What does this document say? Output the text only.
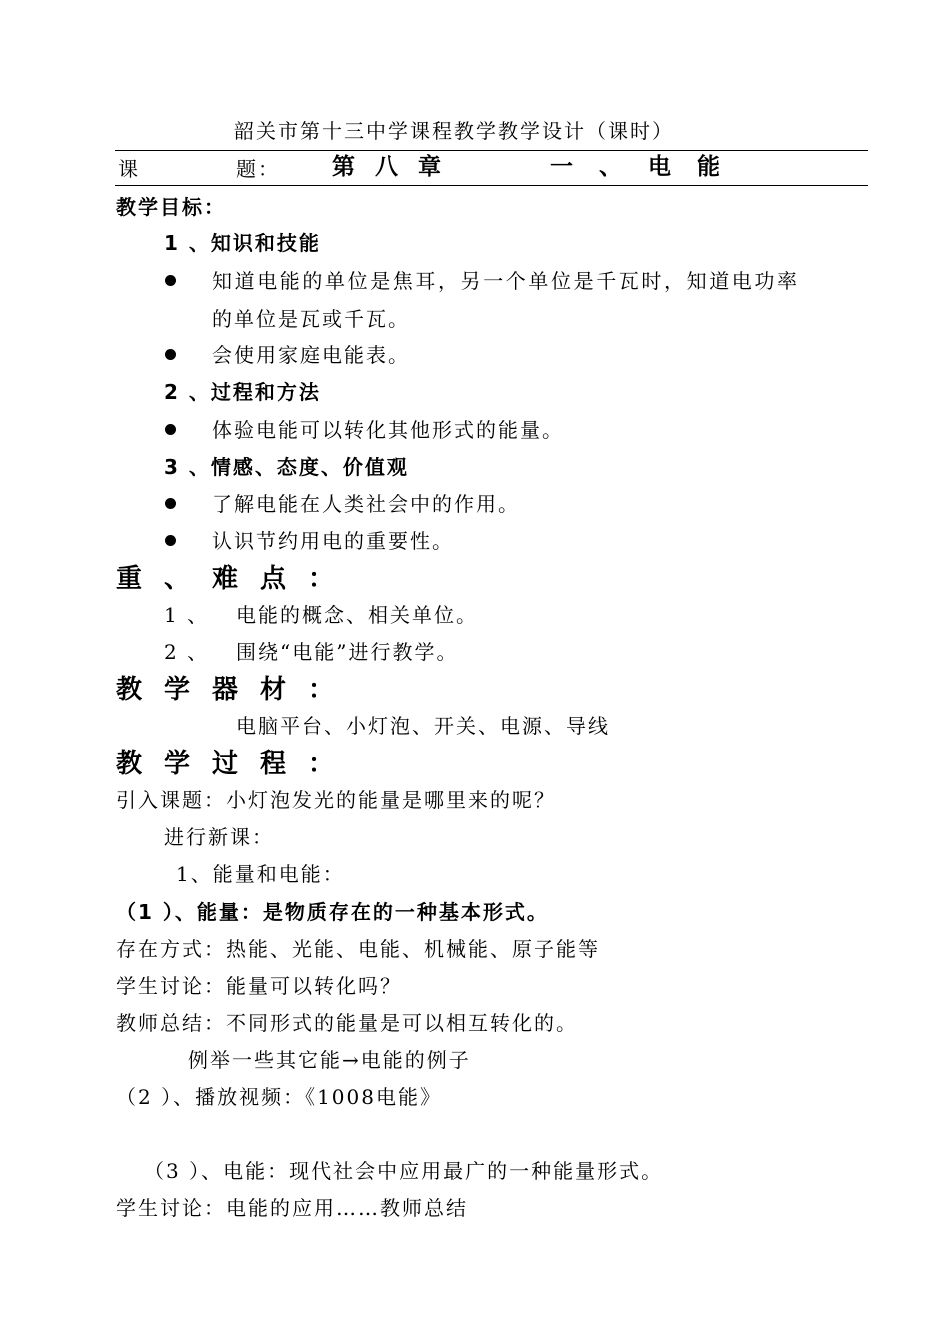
韶关市第十三中学课程教学教学设计（课时）
课	题： 第 八 章	一 、 电 能
教学目标：
1 、知识和技能
知道电能的单位是焦耳，另一个单位是千瓦时，知道电功率
的单位是瓦或千瓦。
会使用家庭电能表。
2 、过程和方法
体验电能可以转化其他形式的能量。
3 、情感、态度、价值观
了解电能在人类社会中的作用。
认识节约用电的重要性。
重、难点：
1 、 电能的概念、相关单位。
2 、 围绕“电能”进行教学。
教学器材：
电脑平台、小灯泡、开关、电源、导线
教学过程：
引入课题：小灯泡发光的能量是哪里来的呢？
进行新课：
1、能量和电能：
（1 ）、能量：是物质存在的一种基本形式。
存在方式：热能、光能、电能、机械能、原子能等
学生讨论：能量可以转化吗？
教师总结：不同形式的能量是可以相互转化的。
例举一些其它能→电能的例子
（2 ）、播放视频：《1008电能》
（3 ）、电能：现代社会中应用最广的一种能量形式。
学生讨论：电能的应用……教师总结
